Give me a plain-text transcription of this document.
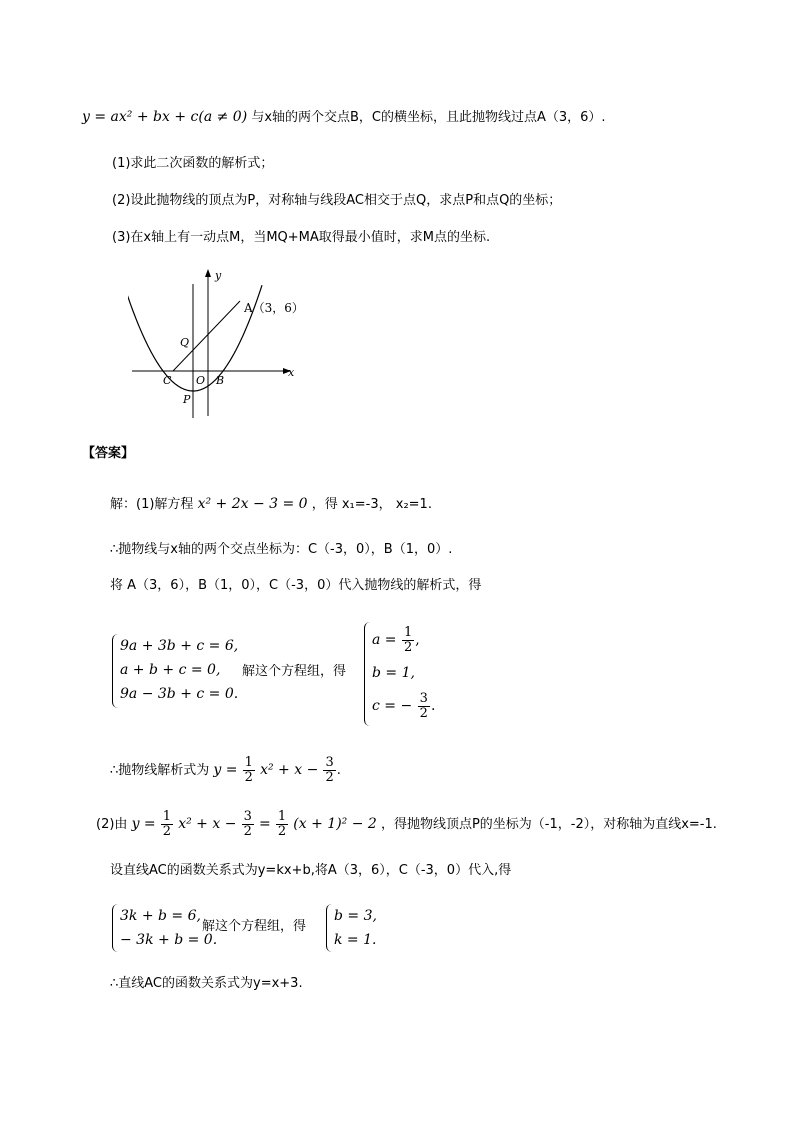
y = ax² + bx + c(a ≠ 0) 与x轴的两个交点B，C的横坐标，且此抛物线过点A（3，6）.
(1)求此二次函数的解析式；
(2)设此抛物线的顶点为P，对称轴与线段AC相交于点Q，求点P和点Q的坐标；
(3)在x轴上有一动点M，当MQ+MA取得最小值时，求M点的坐标.
y
x
A（3，6）
Q
C O B
P
【答案】
解：(1)解方程 x² + 2x − 3 = 0 ，得 x₁=-3， x₂=1.
∴抛物线与x轴的两个交点坐标为：C（-3，0），B（1，0）.
将 A（3，6），B（1，0），C（-3，0）代入抛物线的解析式，得
9a + 3b + c = 6,
a + b + c = 0,
9a − 3b + c = 0.
解这个方程组，得
$a = \frac{1}{2}$ ,
b = 1,
c = − $\frac{3}{2}$ .
∴抛物线解析式为 $y = \frac{1}{2} x^2 + x - \frac{3}{2}$ .
(2)由 $y = \frac{1}{2} x^2 + x - \frac{3}{2} = \frac{1}{2} (x + 1)^2 - 2$ ，得抛物线顶点P的坐标为（-1，-2），对称轴为直线x=-1.
设直线AC的函数关系式为y=kx+b,将A（3，6），C（-3，0）代入,得
3k + b = 6,
− 3k + b = 0.
解这个方程组，得
b = 3,
k = 1.
∴直线AC的函数关系式为y=x+3.
